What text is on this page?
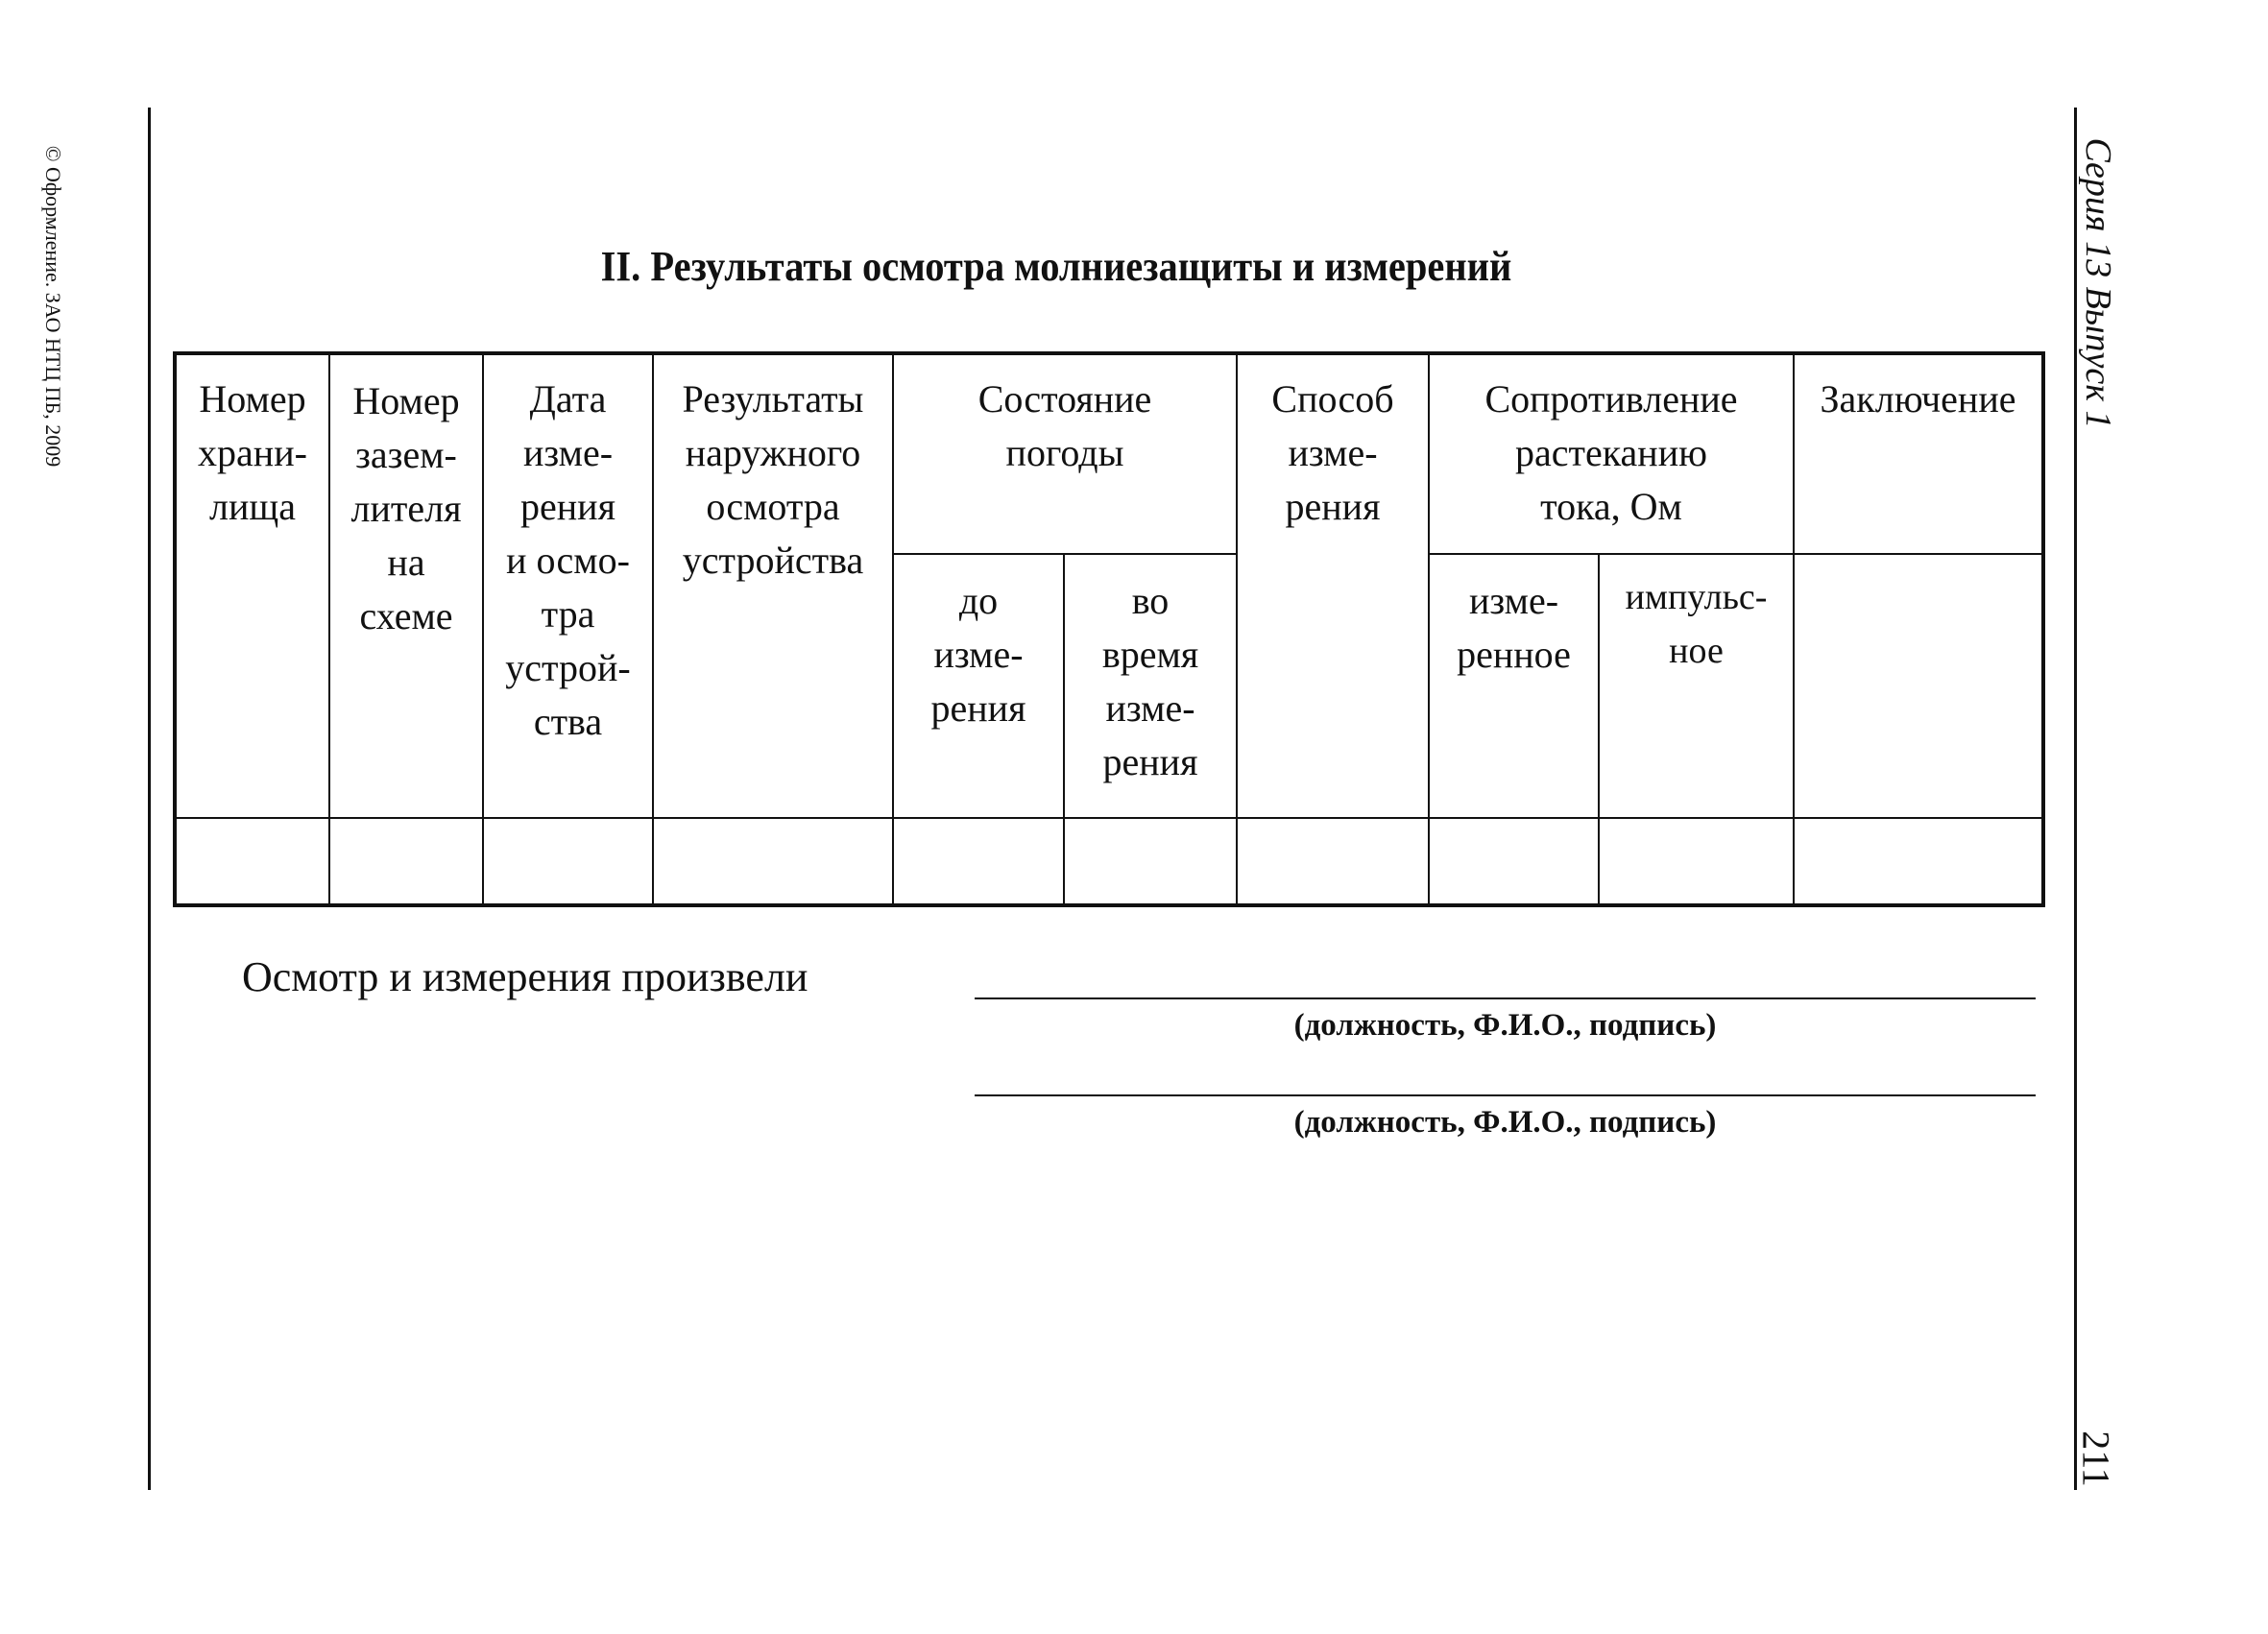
© Оформление. ЗАО НТЦ ПБ, 2009	Серия 13 Выпуск 1
211
II. Результаты осмотра молниезащиты и измерений
Номер
храни-
лища
Номер
зазем-
лителя
на
схеме
Дата
изме-
рения
и осмо-
тра
устрой-
ства
Результаты
наружного
осмотра
устройства
Состояние
погоды
до
изме-
рения
во
время
изме-
рения
Способ
изме-
рения
Сопротивление
растеканию
тока, Ом
изме-
ренное
импульс-
ное
Заключение
Осмотр и измерения произвели
(должность, Ф.И.О., подпись)
(должность, Ф.И.О., подпись)
